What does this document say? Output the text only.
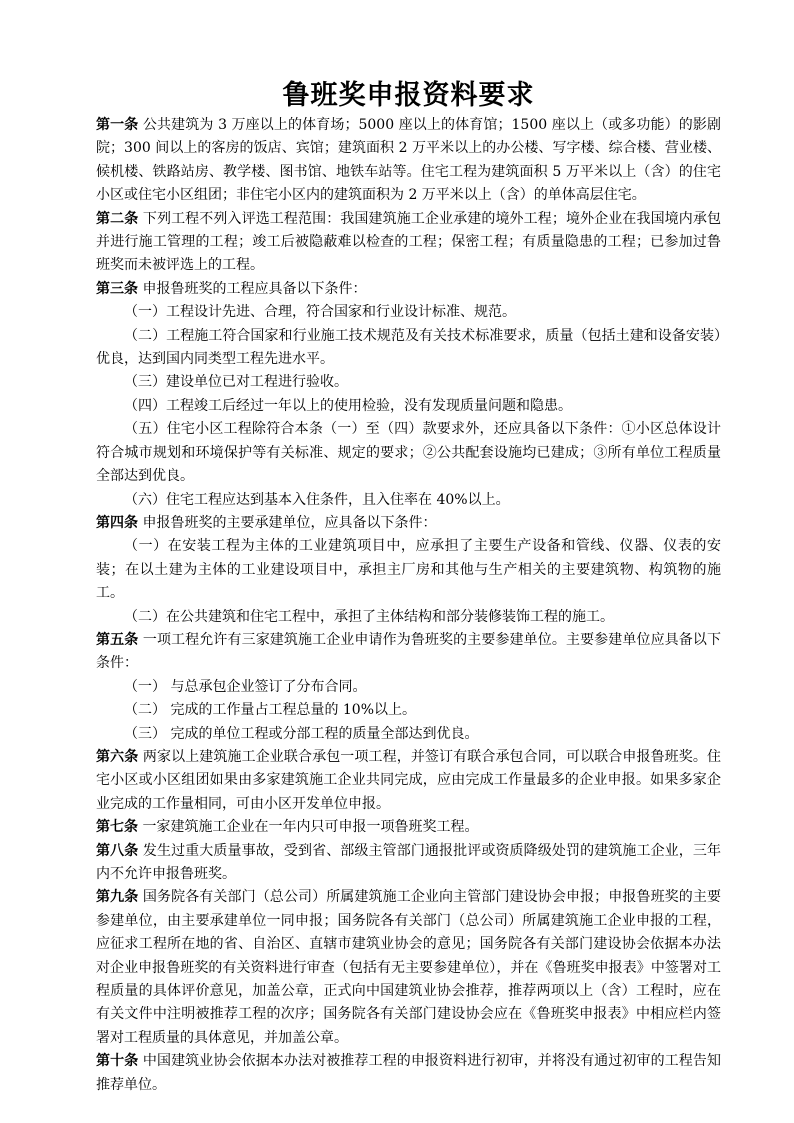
鲁班奖申报资料要求

第一条 公共建筑为 3 万座以上的体育场；5000 座以上的体育馆；1500 座以上（或多功能）的影剧院；300 间以上的客房的饭店、宾馆；建筑面积 2 万平米以上的办公楼、写字楼、综合楼、营业楼、候机楼、铁路站房、教学楼、图书馆、地铁车站等。住宅工程为建筑面积 5 万平米以上（含）的住宅小区或住宅小区组团；非住宅小区内的建筑面积为 2 万平米以上（含）的单体高层住宅。

第二条 下列工程不列入评选工程范围：我国建筑施工企业承建的境外工程；境外企业在我国境内承包并进行施工管理的工程；竣工后被隐蔽难以检查的工程；保密工程；有质量隐患的工程；已参加过鲁班奖而未被评选上的工程。

第三条 申报鲁班奖的工程应具备以下条件：

（一）工程设计先进、合理，符合国家和行业设计标准、规范。

（二）工程施工符合国家和行业施工技术规范及有关技术标准要求，质量（包括土建和设备安装）优良，达到国内同类型工程先进水平。

（三）建设单位已对工程进行验收。

（四）工程竣工后经过一年以上的使用检验，没有发现质量问题和隐患。

（五）住宅小区工程除符合本条（一）至（四）款要求外，还应具备以下条件：①小区总体设计符合城市规划和环境保护等有关标准、规定的要求；②公共配套设施均已建成；③所有单位工程质量全部达到优良。

（六）住宅工程应达到基本入住条件，且入住率在 40%以上。

第四条 申报鲁班奖的主要承建单位，应具备以下条件：

（一）在安装工程为主体的工业建筑项目中，应承担了主要生产设备和管线、仪器、仪表的安装；在以土建为主体的工业建设项目中，承担主厂房和其他与生产相关的主要建筑物、构筑物的施工。

（二）在公共建筑和住宅工程中，承担了主体结构和部分装修装饰工程的施工。

第五条 一项工程允许有三家建筑施工企业申请作为鲁班奖的主要参建单位。主要参建单位应具备以下条件：

（一） 与总承包企业签订了分布合同。

（二） 完成的工作量占工程总量的 10%以上。

（三） 完成的单位工程或分部工程的质量全部达到优良。

第六条 两家以上建筑施工企业联合承包一项工程，并签订有联合承包合同，可以联合申报鲁班奖。住宅小区或小区组团如果由多家建筑施工企业共同完成，应由完成工作量最多的企业申报。如果多家企业完成的工作量相同，可由小区开发单位申报。

第七条 一家建筑施工企业在一年内只可申报一项鲁班奖工程。

第八条 发生过重大质量事故，受到省、部级主管部门通报批评或资质降级处罚的建筑施工企业，三年内不允许申报鲁班奖。

第九条 国务院各有关部门（总公司）所属建筑施工企业向主管部门建设协会申报；申报鲁班奖的主要参建单位，由主要承建单位一同申报；国务院各有关部门（总公司）所属建筑施工企业申报的工程，应征求工程所在地的省、自治区、直辖市建筑业协会的意见；国务院各有关部门建设协会依据本办法对企业申报鲁班奖的有关资料进行审查（包括有无主要参建单位），并在《鲁班奖申报表》中签署对工程质量的具体评价意见，加盖公章，正式向中国建筑业协会推荐，推荐两项以上（含）工程时，应在有关文件中注明被推荐工程的次序；国务院各有关部门建设协会应在《鲁班奖申报表》中相应栏内签署对工程质量的具体意见，并加盖公章。

第十条 中国建筑业协会依据本办法对被推荐工程的申报资料进行初审，并将没有通过初审的工程告知推荐单位。
